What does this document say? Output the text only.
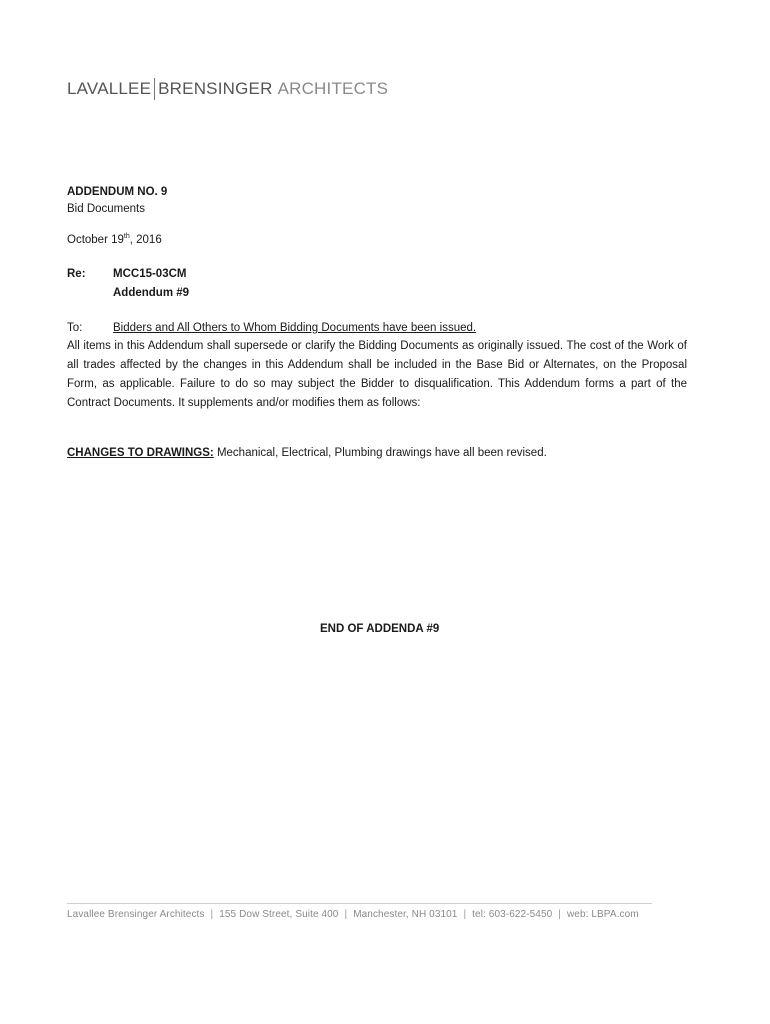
LAVALLEE BRENSINGER ARCHITECTS
ADDENDUM NO. 9
Bid Documents
October 19th, 2016
Re: MCC15-03CM
Addendum #9
To:	Bidders and All Others to Whom Bidding Documents have been issued.
All items in this Addendum shall supersede or clarify the Bidding Documents as originally issued. The cost of the Work of all trades affected by the changes in this Addendum shall be included in the Base Bid or Alternates, on the Proposal Form, as applicable. Failure to do so may subject the Bidder to disqualification. This Addendum forms a part of the Contract Documents. It supplements and/or modifies them as follows:
CHANGES TO DRAWINGS: Mechanical, Electrical, Plumbing drawings have all been revised.
END OF ADDENDA #9
Lavallee Brensinger Architects | 155 Dow Street, Suite 400 | Manchester, NH 03101 | tel: 603-622-5450 | web: LBPA.com
